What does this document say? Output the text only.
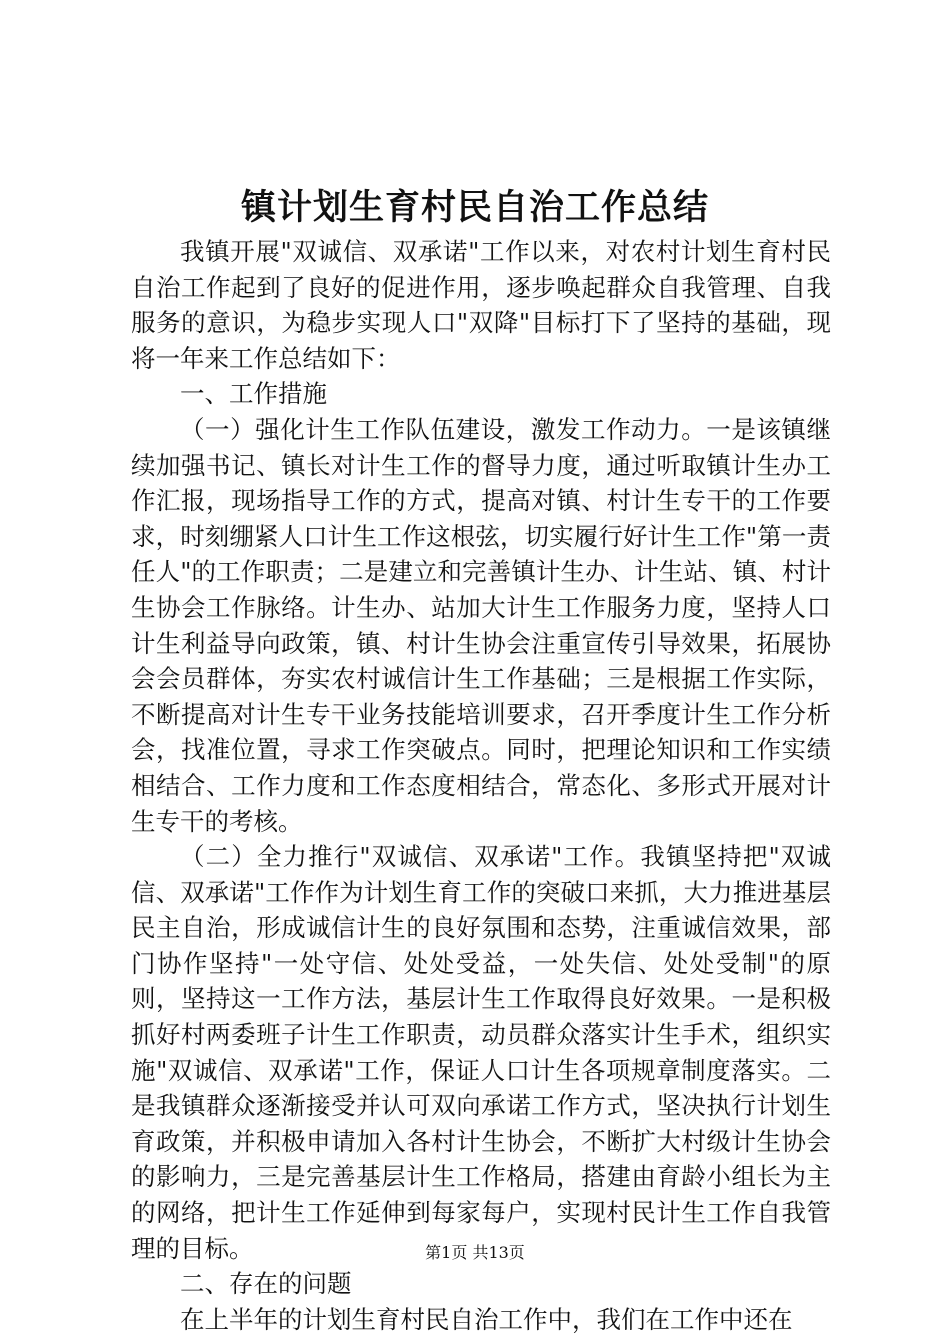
镇计划生育村民自治工作总结

我镇开展"双诚信、双承诺"工作以来，对农村计划生育村民自治工作起到了良好的促进作用，逐步唤起群众自我管理、自我服务的意识，为稳步实现人口"双降"目标打下了坚持的基础，现将一年来工作总结如下：

一、工作措施

（一）强化计生工作队伍建设，激发工作动力。一是该镇继续加强书记、镇长对计生工作的督导力度，通过听取镇计生办工作汇报，现场指导工作的方式，提高对镇、村计生专干的工作要求，时刻绷紧人口计生工作这根弦，切实履行好计生工作"第一责任人"的工作职责；二是建立和完善镇计生办、计生站、镇、村计生协会工作脉络。计生办、站加大计生工作服务力度，坚持人口计生利益导向政策，镇、村计生协会注重宣传引导效果，拓展协会会员群体，夯实农村诚信计生工作基础；三是根据工作实际，不断提高对计生专干业务技能培训要求，召开季度计生工作分析会，找准位置，寻求工作突破点。同时，把理论知识和工作实绩相结合、工作力度和工作态度相结合，常态化、多形式开展对计生专干的考核。

（二）全力推行"双诚信、双承诺"工作。我镇坚持把"双诚信、双承诺"工作作为计划生育工作的突破口来抓，大力推进基层民主自治，形成诚信计生的良好氛围和态势，注重诚信效果，部门协作坚持"一处守信、处处受益，一处失信、处处受制"的原则，坚持这一工作方法，基层计生工作取得良好效果。一是积极抓好村两委班子计生工作职责，动员群众落实计生手术，组织实施"双诚信、双承诺"工作，保证人口计生各项规章制度落实。二是我镇群众逐渐接受并认可双向承诺工作方式，坚决执行计划生育政策，并积极申请加入各村计生协会，不断扩大村级计生协会的影响力，三是完善基层计生工作格局，搭建由育龄小组长为主的网络，把计生工作延伸到每家每户，实现村民计生工作自我管理的目标。

二、存在的问题

在上半年的计划生育村民自治工作中，我们在工作中还在

第1页 共13页
